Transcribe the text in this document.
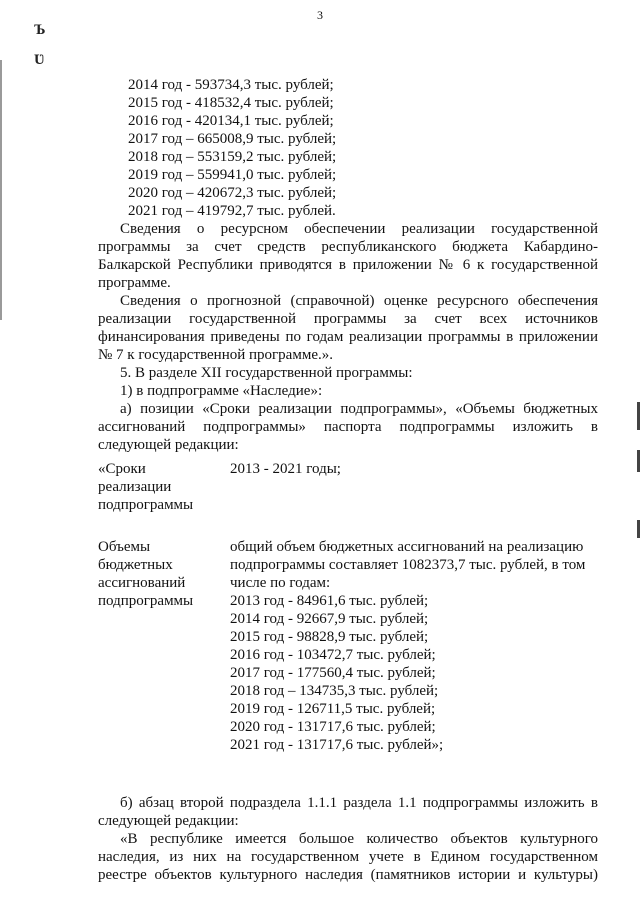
3
Ъ
Ʋ
2014 год - 593734,3 тыс. рублей;
2015 год - 418532,4 тыс. рублей;
2016 год - 420134,1 тыс. рублей;
2017 год – 665008,9 тыс. рублей;
2018 год – 553159,2 тыс. рублей;
2019 год – 559941,0 тыс. рублей;
2020 год – 420672,3 тыс. рублей;
2021 год – 419792,7 тыс. рублей.
Сведения о ресурсном обеспечении реализации государственной
программы за счет средств республиканского бюджета Кабардино-
Балкарской Республики приводятся в приложении № 6 к государственной
программе.
Сведения о прогнозной (справочной) оценке ресурсного обеспечения
реализации государственной программы за счет всех источников
финансирования приведены по годам реализации программы в приложении
№ 7 к государственной программе.».
5. В разделе XII государственной программы:
1) в подпрограмме «Наследие»:
а) позиции «Сроки реализации подпрограммы», «Объемы бюджетных
ассигнований подпрограммы» паспорта подпрограммы изложить в
следующей редакции:
«Сроки
реализации
подпрограммы
2013 - 2021 годы;
Объемы
бюджетных
ассигнований
подпрограммы
общий объем бюджетных ассигнований на реализацию
подпрограммы составляет 1082373,7 тыс. рублей, в том
числе по годам:
2013 год - 84961,6 тыс. рублей;
2014 год - 92667,9 тыс. рублей;
2015 год - 98828,9 тыс. рублей;
2016 год - 103472,7 тыс. рублей;
2017 год - 177560,4 тыс. рублей;
2018 год – 134735,3 тыс. рублей;
2019 год - 126711,5 тыс. рублей;
2020 год - 131717,6 тыс. рублей;
2021 год - 131717,6 тыс. рублей»;
б) абзац второй подраздела 1.1.1 раздела 1.1 подпрограммы изложить в
следующей редакции:
«В республике имеется большое количество объектов культурного
наследия, из них на государственном учете в Едином государственном
реестре объектов культурного наследия (памятников истории и культуры)
